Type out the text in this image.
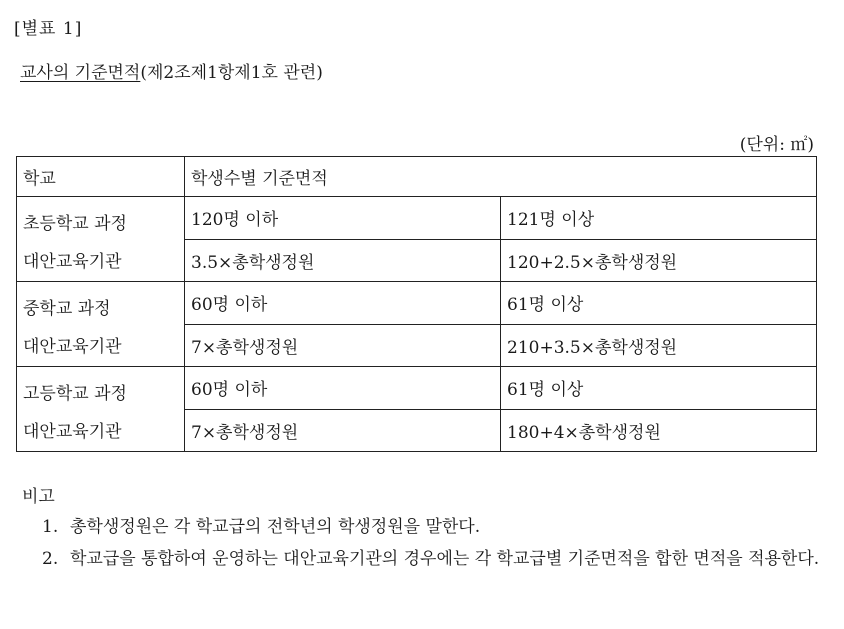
[별표 1]
교사의 기준면적(제2조제1항제1호 관련)
(단위: ㎡)
학교	학생수별 기준면적	

초등학교 과정
대안교육기관	120명 이하	121명 이상
	3.5×총학생정원	120+2.5×총학생정원

중학교 과정
대안교육기관	60명 이하	61명 이상
	7×총학생정원	210+3.5×총학생정원

고등학교 과정
대안교육기관	60명 이하	61명 이상
	7×총학생정원	180+4×총학생정원
비고
1. 총학생정원은 각 학교급의 전학년의 학생정원을 말한다.
2. 학교급을 통합하여 운영하는 대안교육기관의 경우에는 각 학교급별 기준면적을 합한 면적을 적용한다.
